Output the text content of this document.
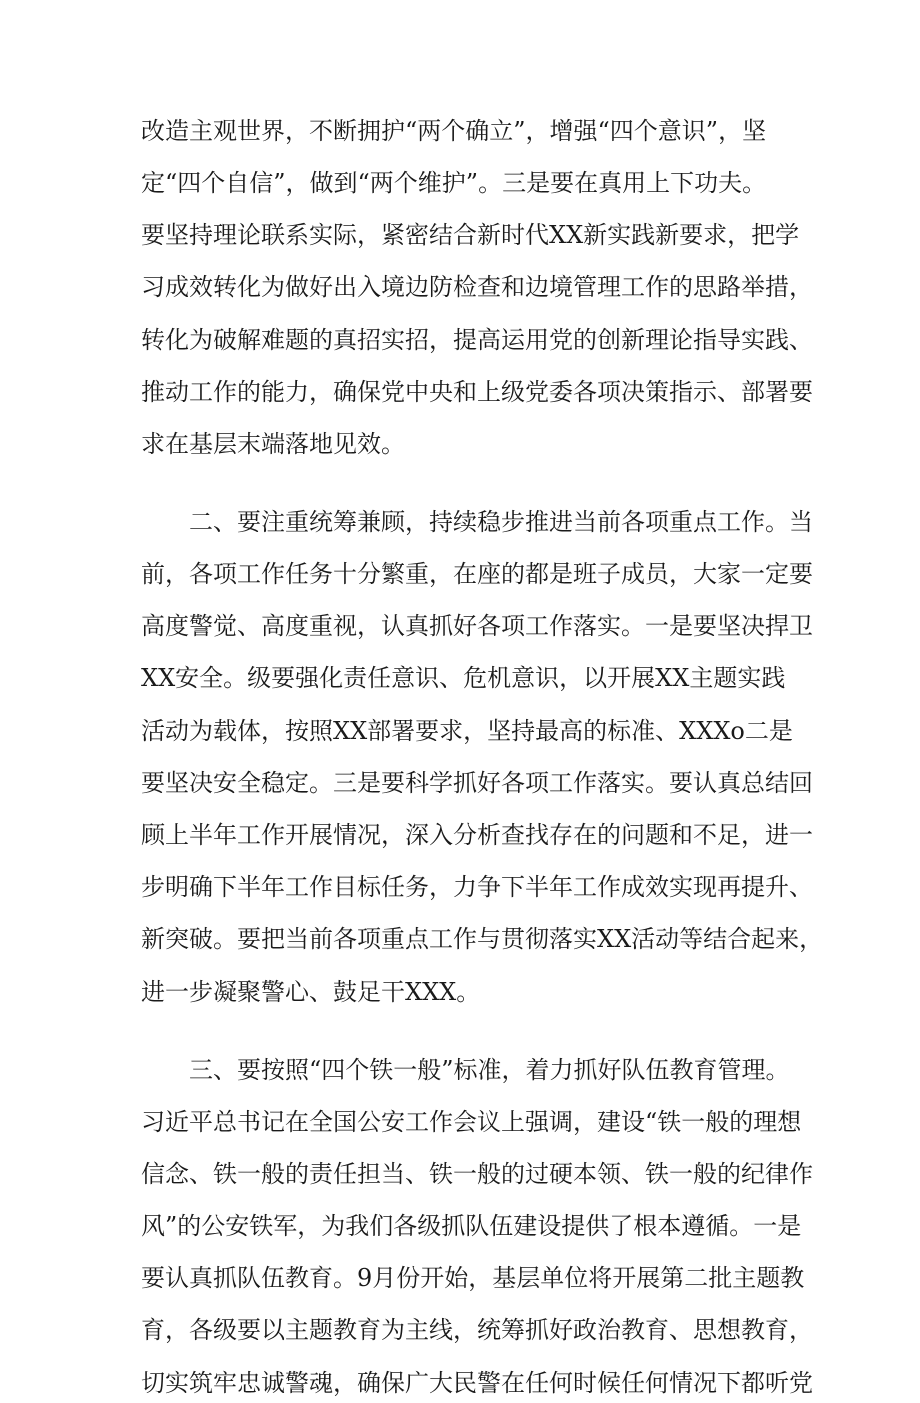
改造主观世界，不断拥护“两个确立”，增强“四个意识”，坚
定“四个自信”，做到“两个维护”。三是要在真用上下功夫。
要坚持理论联系实际，紧密结合新时代XX新实践新要求，把学
习成效转化为做好出入境边防检查和边境管理工作的思路举措，
转化为破解难题的真招实招，提高运用党的创新理论指导实践、
推动工作的能力，确保党中央和上级党委各项决策指示、部署要
求在基层末端落地见效。
二、要注重统筹兼顾，持续稳步推进当前各项重点工作。当
前，各项工作任务十分繁重，在座的都是班子成员，大家一定要
高度警觉、高度重视，认真抓好各项工作落实。一是要坚决捍卫
XX安全。级要强化责任意识、危机意识，以开展XX主题实践
活动为载体，按照XX部署要求，坚持最高的标准、XXXo二是
要坚决安全稳定。三是要科学抓好各项工作落实。要认真总结回
顾上半年工作开展情况，深入分析查找存在的问题和不足，进一
步明确下半年工作目标任务，力争下半年工作成效实现再提升、
新突破。要把当前各项重点工作与贯彻落实XX活动等结合起来，
进一步凝聚警心、鼓足干XXX。
三、要按照“四个铁一般”标准，着力抓好队伍教育管理。
习近平总书记在全国公安工作会议上强调，建设“铁一般的理想
信念、铁一般的责任担当、铁一般的过硬本领、铁一般的纪律作
风”的公安铁军，为我们各级抓队伍建设提供了根本遵循。一是
要认真抓队伍教育。9月份开始，基层单位将开展第二批主题教
育，各级要以主题教育为主线，统筹抓好政治教育、思想教育，
切实筑牢忠诚警魂，确保广大民警在任何时候任何情况下都听党
